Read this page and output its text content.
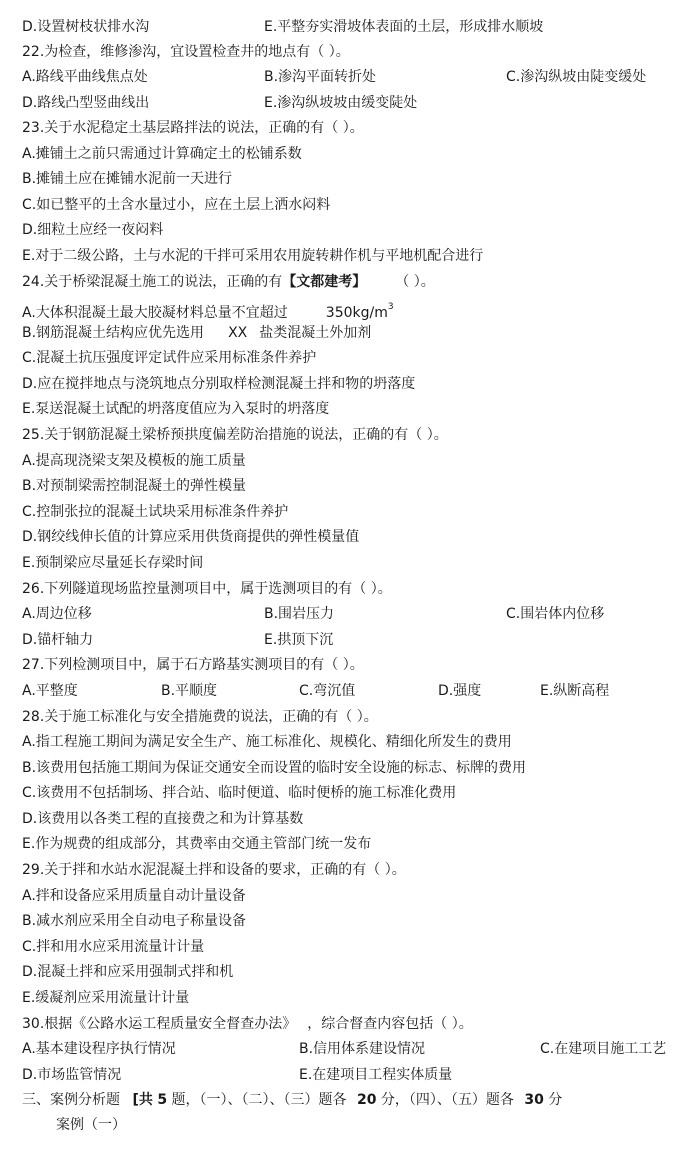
D.设置树枝状排水沟	E.平整夯实滑坡体表面的土层，形成排水顺坡
22.为检查，维修渗沟，宜设置检查井的地点有（ ）。
A.路线平曲线焦点处	B.渗沟平面转折处	C.渗沟纵坡由陡变缓处
D.路线凸型竖曲线出	E.渗沟纵坡坡由缓变陡处
23.关于水泥稳定土基层路拌法的说法，正确的有（ ）。
A.摊铺土之前只需通过计算确定土的松铺系数
B.摊铺土应在摊铺水泥前一天进行
C.如已整平的土含水量过小，应在土层上洒水闷料
D.细粒土应经一夜闷料
E.对于二级公路，土与水泥的干拌可采用农用旋转耕作机与平地机配合进行
24.关于桥梁混凝土施工的说法，正确的有【文都建考】	（ ）。
A.大体积混凝土最大胶凝材料总量不宜超过	$350kg/m^3$
B.钢筋混凝土结构应优先选用 XX 盐类混凝土外加剂
C.混凝土抗压强度评定试件应采用标准条件养护
D.应在搅拌地点与浇筑地点分别取样检测混凝土拌和物的坍落度
E.泵送混凝土试配的坍落度值应为入泵时的坍落度
25.关于钢筋混凝土梁桥预拱度偏差防治措施的说法，正确的有（ ）。
A.提高现浇梁支架及模板的施工质量
B.对预制梁需控制混凝土的弹性模量
C.控制张拉的混凝土试块采用标准条件养护
D.钢绞线伸长值的计算应采用供货商提供的弹性模量值
E.预制梁应尽量延长存梁时间
26.下列隧道现场监控量测项目中，属于选测项目的有（ ）。
A.周边位移	B.围岩压力	C.围岩体内位移
D.锚杆轴力	E.拱顶下沉
27.下列检测项目中，属于石方路基实测项目的有（ ）。
A.平整度	B.平顺度	C.弯沉值	D.强度	E.纵断高程
28.关于施工标准化与安全措施费的说法，正确的有（ ）。
A.指工程施工期间为满足安全生产、施工标准化、规模化、精细化所发生的费用
B.该费用包括施工期间为保证交通安全而设置的临时安全设施的标志、标牌的费用
C.该费用不包括制场、拌合站、临时便道、临时便桥的施工标准化费用
D.该费用以各类工程的直接费之和为计算基数
E.作为规费的组成部分，其费率由交通主管部门统一发布
29.关于拌和水站水泥混凝土拌和设备的要求，正确的有（ ）。
A.拌和设备应采用质量自动计量设备
B.减水剂应采用全自动电子称量设备
C.拌和用水应采用流量计计量
D.混凝土拌和应采用强制式拌和机
E.缓凝剂应采用流量计计量
30.根据《公路水运工程质量安全督查办法》 ，综合督查内容包括（ ）。
A.基本建设程序执行情况	B.信用体系建设情况	C.在建项目施工工艺
D.市场监管情况	E.在建项目工程实体质量
三、案例分析题 [共 5 题，（一）、（二）、（三）题各 20 分，（四）、（五）题各 30 分
案例（一）
